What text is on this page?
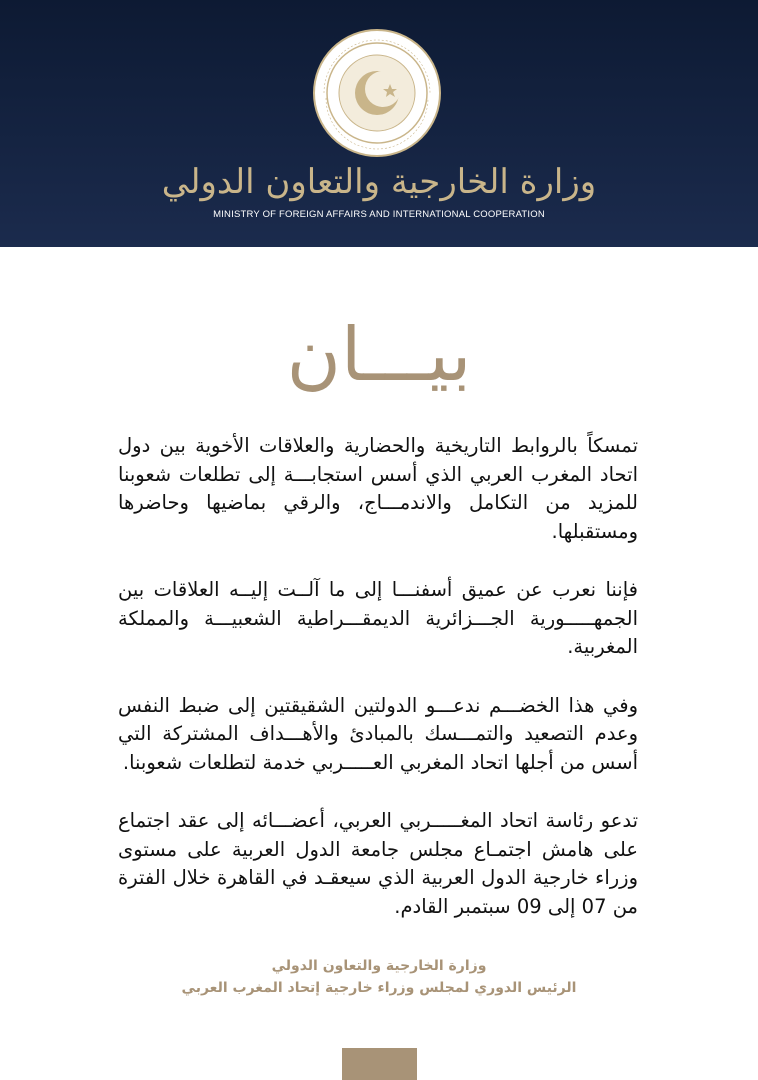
وزارة الخارجية والتعاون الدولي
MINISTRY OF FOREIGN AFFAIRS AND INTERNATIONAL COOPERATION
بيـــان

تمسكاً بالروابط التاريخية والحضارية والعلاقات الأخوية بين دول اتحاد المغرب العربي الذي أسس استجابـــة إلى تطلعات شعوبنا للمزيد من التكامل والاندمـــاج، والرقي بماضيها وحاضرها ومستقبلها.

فإننا نعرب عن عميق أسفنـــا إلى ما آلــت إليــه العلاقات بين الجمهـــــورية الجـــزائرية الديمقـــراطية الشعبيـــة والمملكة المغربية.

وفي هذا الخضـــم ندعـــو الدولتين الشقيقتين إلى ضبط النفس وعدم التصعيد والتمـــسك بالمبادئ والأهـــداف المشتركة التي أسس من أجلها اتحاد المغربي العـــــربي خدمة لتطلعات شعوبنا.

تدعو رئاسة اتحاد المغـــــربي العربي، أعضـــائه إلى عقد اجتماع على هامش اجتمـاع مجلس جامعة الدول العربية على مستوى وزراء خارجية الدول العربية الذي سيعقـد في القاهرة خلال الفترة من 07 إلى 09 سبتمبر القادم.

وزارة الخارجية والتعاون الدولي
الرئيس الدوري لمجلس وزراء خارجية إتحاد المغرب العربي
